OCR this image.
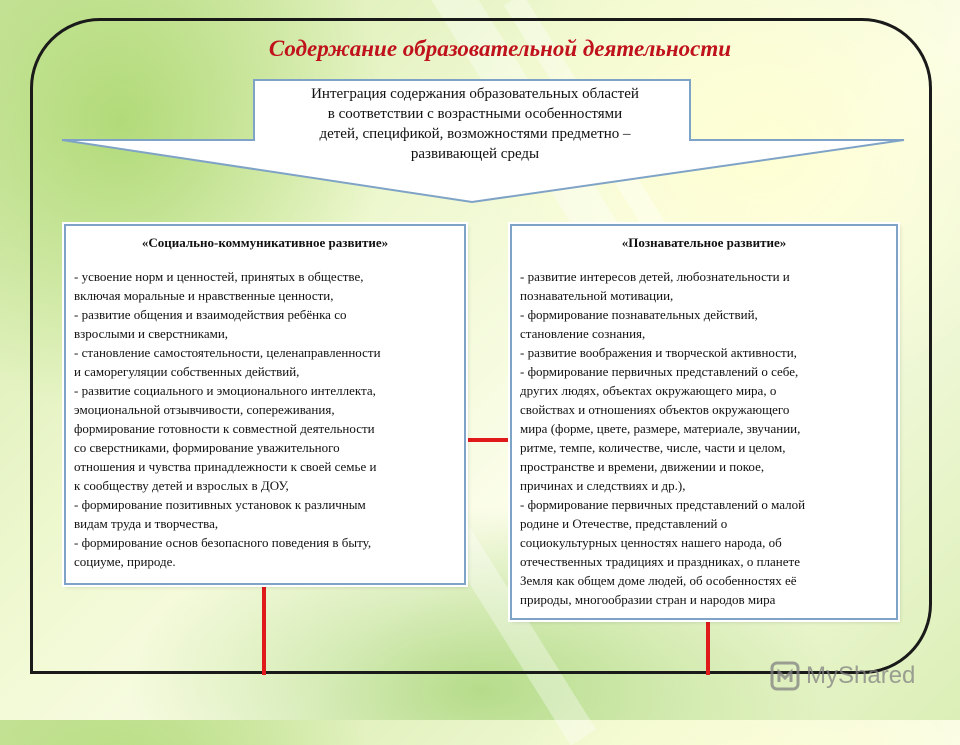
Содержание образовательной деятельности
Интеграция содержания образовательных областей
в соответствии с возрастными особенностями
детей, спецификой, возможностями предметно –
развивающей среды
«Социально-коммуникативное развитие»
- усвоение норм и ценностей, принятых в обществе,
включая моральные и нравственные ценности,
- развитие общения и взаимодействия ребёнка со
взрослыми и сверстниками,
- становление самостоятельности, целенаправленности
и саморегуляции собственных действий,
- развитие социального и эмоционального интеллекта,
эмоциональной отзывчивости, сопереживания,
формирование готовности к совместной деятельности
со сверстниками, формирование уважительного
отношения и чувства принадлежности к своей семье и
к сообществу детей и взрослых в ДОУ,
- формирование позитивных установок к различным
видам труда и творчества,
- формирование основ безопасного поведения в быту,
социуме, природе.
«Познавательное развитие»
- развитие интересов детей, любознательности и
познавательной мотивации,
- формирование познавательных действий,
становление сознания,
- развитие воображения и творческой активности,
- формирование первичных представлений о себе,
других людях, объектах окружающего мира, о
свойствах и отношениях объектов окружающего
мира (форме, цвете, размере, материале, звучании,
ритме, темпе, количестве, числе, части и целом,
пространстве и времени, движении и покое,
причинах и следствиях и др.),
- формирование первичных представлений о малой
родине и Отечестве, представлений о
социокультурных ценностях нашего народа, об
отечественных традициях и праздниках, о планете
Земля как общем доме людей, об особенностях её
природы, многообразии стран и народов мира
MyShared
